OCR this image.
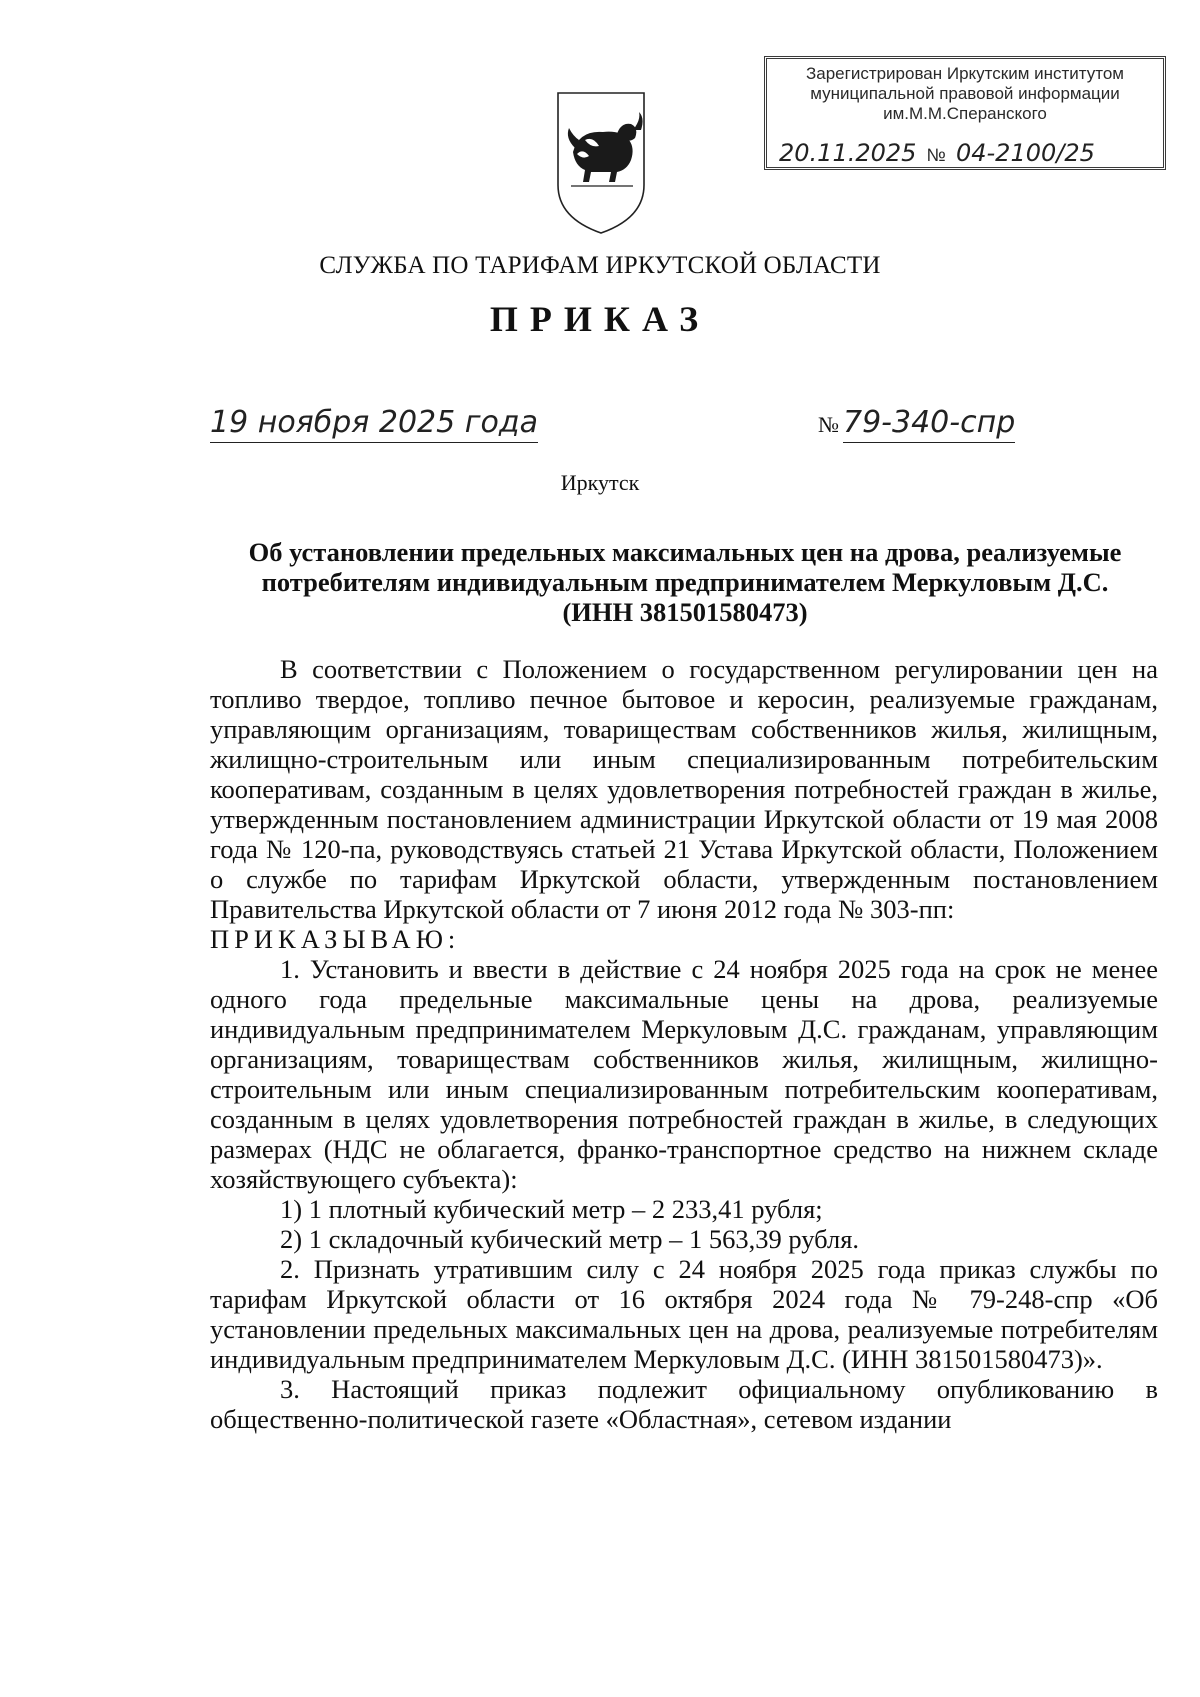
Зарегистрирован Иркутским институтом
муниципальной правовой информации
им.М.М.Сперанского
20.11.2025 № 04-2100/25
СЛУЖБА ПО ТАРИФАМ ИРКУТСКОЙ ОБЛАСТИ
ПРИКАЗ
19 ноября 2025 года	№ 79-340-спр
Иркутск
Об установлении предельных максимальных цен на дрова, реализуемые
потребителям индивидуальным предпринимателем Меркуловым Д.С.
(ИНН 381501580473)

В соответствии с Положением о государственном регулировании цен на топливо твердое, топливо печное бытовое и керосин, реализуемые гражданам, управляющим организациям, товариществам собственников жилья, жилищным, жилищно-строительным или иным специализированным потребительским кооперативам, созданным в целях удовлетворения потребностей граждан в жилье, утвержденным постановлением администрации Иркутской области от 19 мая 2008 года № 120-па, руководствуясь статьей 21 Устава Иркутской области, Положением о службе по тарифам Иркутской области, утвержденным постановлением Правительства Иркутской области от 7 июня 2012 года № 303-пп:

ПРИКАЗЫВАЮ:

1. Установить и ввести в действие с 24 ноября 2025 года на срок не менее одного года предельные максимальные цены на дрова, реализуемые индивидуальным предпринимателем Меркуловым Д.С. гражданам, управляющим организациям, товариществам собственников жилья, жилищным, жилищно-строительным или иным специализированным потребительским кооперативам, созданным в целях удовлетворения потребностей граждан в жилье, в следующих размерах (НДС не облагается, франко-транспортное средство на нижнем складе хозяйствующего субъекта):

1) 1 плотный кубический метр – 2 233,41 рубля;

2) 1 складочный кубический метр – 1 563,39 рубля.

2. Признать утратившим силу с 24 ноября 2025 года приказ службы по тарифам Иркутской области от 16 октября 2024 года № 79-248-спр «Об установлении предельных максимальных цен на дрова, реализуемые потребителям индивидуальным предпринимателем Меркуловым Д.С. (ИНН 381501580473)».

3. Настоящий приказ подлежит официальному опубликованию в общественно-политической газете «Областная», сетевом издании
